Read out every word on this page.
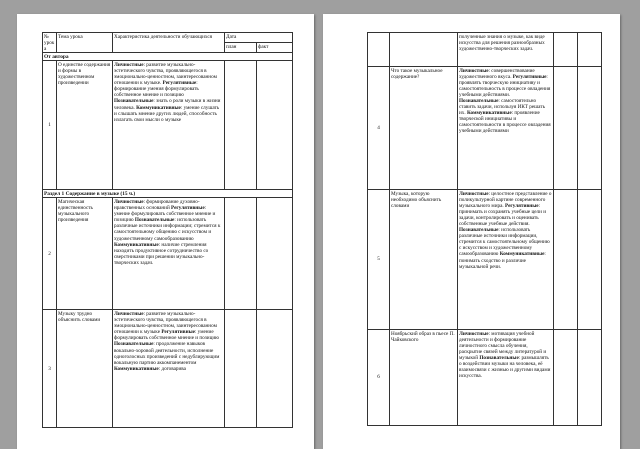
№ урок а	Тема урока	Характеристика деятельности обучающихся	Дата	
			план	факт
От автора				
1	О единстве содержания и формы в художественном произведении	Личностные: развитие музыкально- эстетического чувства, проявляющегося в эмоционально-ценностном, заинтересованном отношении к музыке. Регулятивные: формирование умения формулировать собственное мнение и позицию Познавательные: знать о роли музыки в жизни человека. Коммуникативные: умение слушать и слышать мнение других людей, способность излагать свои мысли о музыке		
Раздел 1 Содержание в музыке (15 ч.)				
2	Магическая единственность музыкального произведения	Личностные: формирование духовно-нравственных оснований Регулятивные: умение формулировать собственное мнение и позицию Познавательные: использовать различные источники информации; стремится к самостоятельному общению с искусством и художественному самообразованию Коммуникативные: наличие стремления находить продуктивное сотрудничество со сверстниками при решении музыкально- творческих задач.		
3	Музыку трудно объяснить словами	Личностные: развитие музыкально- эстетического чувства, проявляющегося в эмоционально-ценностном, заинтересованном отношении к музыке Регулятивные: умение формулировать собственное мнение и позицию Познавательные: продолжение навыков вокально-хоровой деятельности, исполнение одноголосных произведений с недублирующим вокальную партию аккомпанементом Коммуникативные: договарива		
		полученные знания о музыке, как виде искусства для решения разнообразных художественно-творческих задач.		
4	Что такое музыкальное содержание?	Личностные: совершенствование художественного вкуса. Регулятивные: проявлять творческую инициативу и самостоятельность в процессе овладения учебными действиями. Познавательные: самостоятельно ставить задачи, используя ИКТ решать их. Коммуникативные: проявление творческой инициативы и самостоятельности в процессе овладения учебными действиями		
5	Музыка, которую необходимо объяснить словами	Личностные: целостное представление о поликультурной картине современного музыкального мира. Регулятивные: принимать и сохранять учебные цели и задачи, контролировать и оценивать собственные учебные действия. Познавательные: использовать различные источники информации, стремится к самостоятельному общению с искусством и художественному самообразованию Коммуникативные: понимать сходство и различие музыкальной речи.		
6	Ноябрьский образ в пьесе П. Чайковского	Личностные: мотивация учебной деятельности и формирование личностного смысла обучения, раскрытие связей между литературой и музыкой Познавательные: размышлять о воздействии музыки на человека, её взаимосвязи с жизнью и другими видами искусства.		
